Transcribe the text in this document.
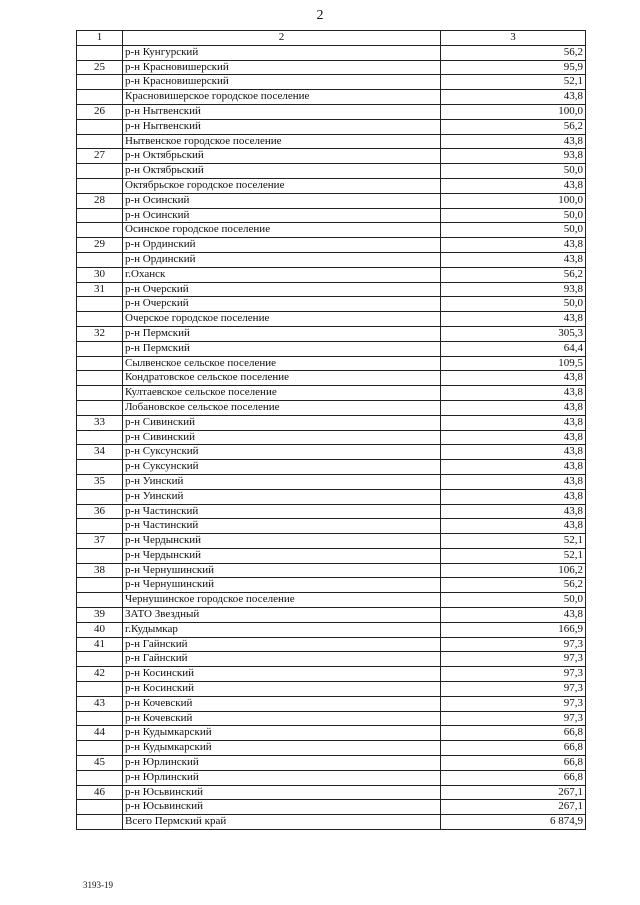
2
1	2	3
	р-н Кунгурский	56,2
25	р-н Красновишерский	95,9
	р-н Красновишерский	52,1
	Красновишерское городское поселение	43,8
26	р-н Нытвенский	100,0
	р-н Нытвенский	56,2
	Нытвенское городское поселение	43,8
27	р-н Октябрьский	93,8
	р-н Октябрьский	50,0
	Октябрьское городское поселение	43,8
28	р-н Осинский	100,0
	р-н Осинский	50,0
	Осинское городское поселение	50,0
29	р-н Ординский	43,8
	р-н Ординский	43,8
30	г.Оханск	56,2
31	р-н Очерский	93,8
	р-н Очерский	50,0
	Очерское городское поселение	43,8
32	р-н Пермский	305,3
	р-н Пермский	64,4
	Сылвенское сельское поселение	109,5
	Кондратовское сельское поселение	43,8
	Култаевское сельское поселение	43,8
	Лобановское сельское поселение	43,8
33	р-н Сивинский	43,8
	р-н Сивинский	43,8
34	р-н Суксунский	43,8
	р-н Суксунский	43,8
35	р-н Уинский	43,8
	р-н Уинский	43,8
36	р-н Частинский	43,8
	р-н Частинский	43,8
37	р-н Чердынский	52,1
	р-н Чердынский	52,1
38	р-н Чернушинский	106,2
	р-н Чернушинский	56,2
	Чернушинское городское поселение	50,0
39	ЗАТО Звездный	43,8
40	г.Кудымкар	166,9
41	р-н Гайнский	97,3
	р-н Гайнский	97,3
42	р-н Косинский	97,3
	р-н Косинский	97,3
43	р-н Кочевский	97,3
	р-н Кочевский	97,3
44	р-н Кудымкарский	66,8
	р-н Кудымкарский	66,8
45	р-н Юрлинский	66,8
	р-н Юрлинский	66,8
46	р-н Юсьвинский	267,1
	р-н Юсьвинский	267,1
	Всего Пермский край	6 874,9
3193-19
